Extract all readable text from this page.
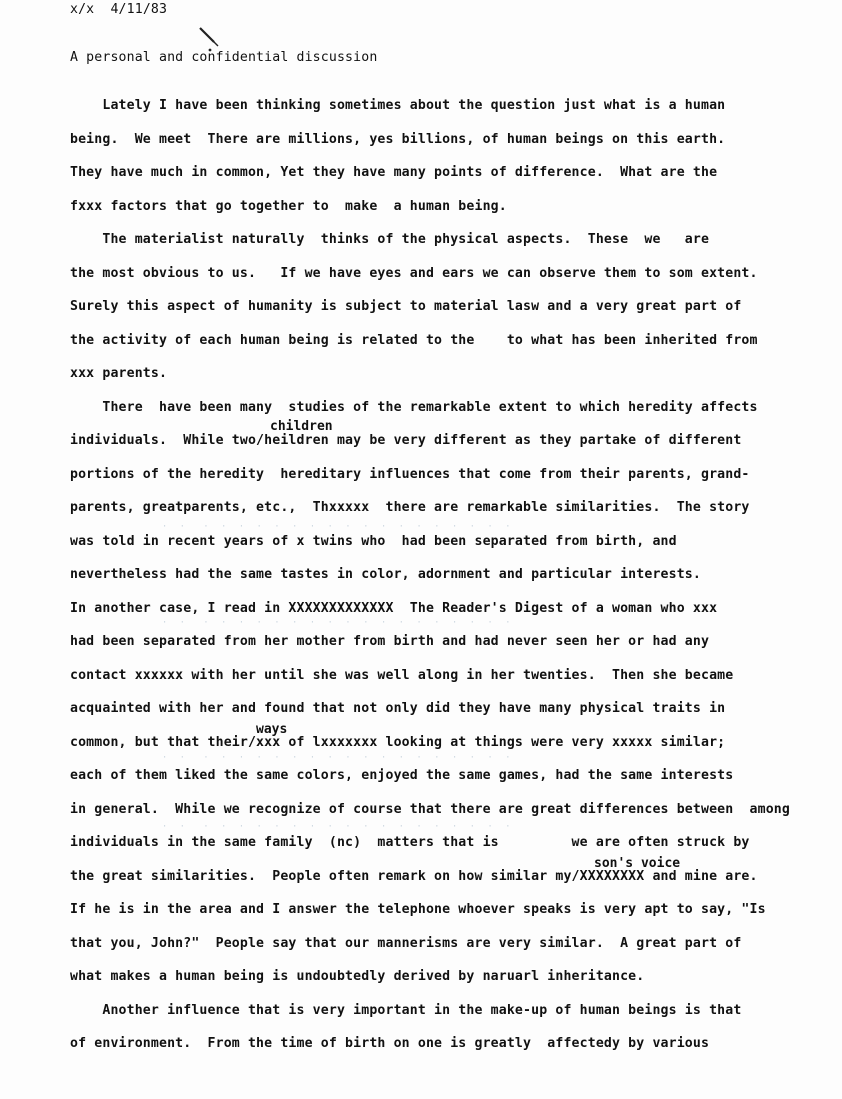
x/x 4/11/83
A personal and confidential discussion
Lately I have been thinking sometimes about the question just what is a human
being.  We meet  There are millions, yes billions, of human beings on this earth.
They have much in common, Yet they have many points of difference.  What are the
fxxx factors that go together to  make  a human being.
The materialist naturally  thinks of the physical aspects.  These  we   are
the most obvious to us.   If we have eyes and ears we can observe them to som extent.
Surely this aspect of humanity is subject to material lasw and a very great part of
the activity of each human being is related to the    to what has been inherited from
xxx parents.
There  have been many  studies of the remarkable extent to which heredity affects
individuals.  While two/heildren may be very different as they partake of different
portions of the heredity  hereditary influences that come from their parents, grand-
parents, greatparents, etc.,  Thxxxxx  there are remarkable similarities.  The story
was told in recent years of x twins who  had been separated from birth, and
nevertheless had the same tastes in color, adornment and particular interests.
In another case, I read in XXXXXXXXXXXXX  The Reader's Digest of a woman who xxx
had been separated from her mother from birth and had never seen her or had any
contact xxxxxx with her until she was well along in her twenties.  Then she became
acquainted with her and found that not only did they have many physical traits in
common, but that their/xxx of lxxxxxxx looking at things were very xxxxx similar;
each of them liked the same colors, enjoyed the same games, had the same interests
in general.  While we recognize of course that there are great differences between  among
individuals in the same family  (nc)  matters that is         we are often struck by
the great similarities.  People often remark on how similar my/XXXXXXXX and mine are.
If he is in the area and I answer the telephone whoever speaks is very apt to say, "Is
that you, John?"  People say that our mannerisms are very similar.  A great part of
what makes a human being is undoubtedly derived by naruarl inheritance.
Another influence that is very important in the make-up of human beings is that
of environment.  From the time of birth on one is greatly  affectedy by various
children
ways
son's voice
·  ·   ·  ·  ·  ·  ·  ·  ·  ·  ·  ·  ·  ·  ·  ·  ·  ·  ·  ·
·  ·   ·  ·  ·  ·  ·  ·  ·  ·  ·  ·  ·  ·  ·  ·  ·  ·  ·  ·
·  ·   ·  ·  ·  ·  ·  ·  ·  ·  ·  ·  ·  ·  ·  ·  ·  ·  ·  ·
·  ·   ·  ·  ·  ·  ·  ·  ·  ·  ·  ·  ·  ·  ·  ·  ·  ·  ·  ·
